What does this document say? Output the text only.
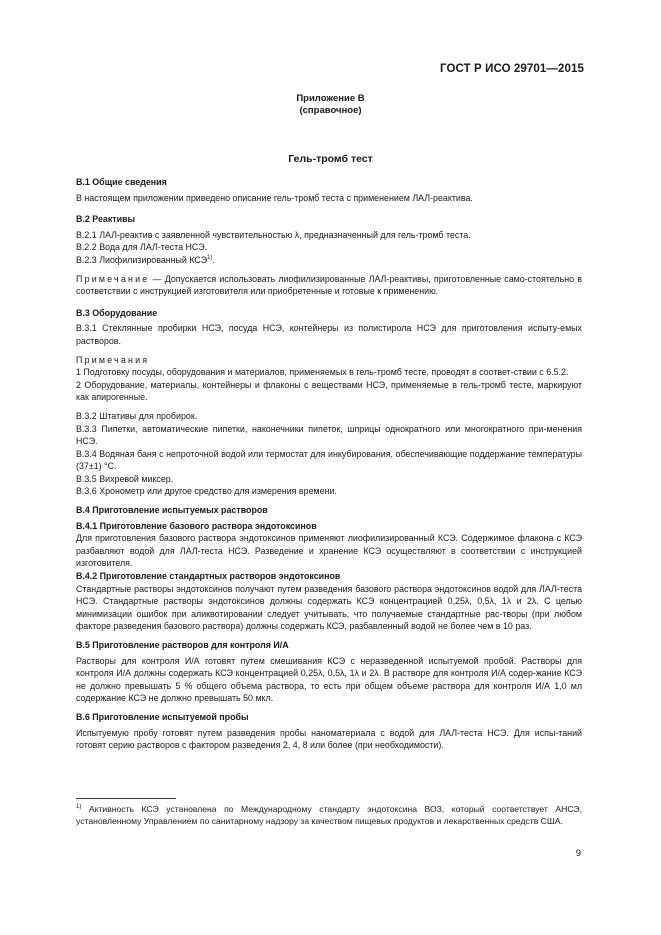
ГОСТ Р ИСО 29701—2015
Приложение В
(справочное)
Гель-тромб тест

В.1 Общие сведения

В настоящем приложении приведено описание гель-тромб теста с применением ЛАЛ-реактива.

В.2 Реактивы

В.2.1 ЛАЛ-реактив с заявленной чувствительностью λ, предназначенный для гель-тромб теста.

В.2.2 Вода для ЛАЛ-теста НСЭ.

В.2.3 Лиофилизированный КСЭ$^{1)}$.

Примечание — Допускается использовать лиофилизированные ЛАЛ-реактивы, приготовленные само-стоятельно в соответствии с инструкцией изготовителя или приобретенные и готовые к применению.

В.3 Оборудование

В.3.1 Стеклянные пробирки НСЭ, посуда НСЭ, контейнеры из полистирола НСЭ для приготовления испыту-емых растворов.

Примечания

1 Подготовку посуды, оборудования и материалов, применяемых в гель-тромб тесте, проводят в соответ-ствии с 6.5.2.

2 Оборудование, материалы, контейнеры и флаконы с веществами НСЭ, применяемые в гель-тромб тесте, маркируют как апирогенные.

В.3.2 Штативы для пробирок.

В.3.3 Пипетки, автоматические пипетки, наконечники пипеток, шприцы однократного или многократного при-менения НСЭ.

В.3.4 Водяная баня с непроточной водой или термостат для инкубирования, обеспечивающие поддержание температуры (37±1) °С.

В.3.5 Вихревой миксер.

В.3.6 Хронометр или другое средство для измерения времени.

В.4 Приготовление испытуемых растворов

В.4.1 Приготовление базового раствора эндотоксинов

Для приготовления базового раствора эндотоксинов применяют лиофилизированный КСЭ. Содержимое флакона с КСЭ разбавляют водой для ЛАЛ-теста НСЭ. Разведение и хранение КСЭ осуществляют в соответствии с инструкцией изготовителя.

В.4.2 Приготовление стандартных растворов эндотоксинов

Стандартные растворы эндотоксинов получают путем разведения базового раствора эндотоксинов водой для ЛАЛ-теста НСЭ. Стандартные растворы эндотоксинов должны содержать КСЭ концентрацией 0,25λ, 0,5λ, 1λ и 2λ. С целью минимизации ошибок при аликвотировании следует учитывать, что получаемые стандартные рас-творы (при любом факторе разведения базового раствора) должны содержать КСЭ, разбавленный водой не более чем в 10 раз.

В.5 Приготовление растворов для контроля И/А

Растворы для контроля И/А готовят путем смешивания КСЭ с неразведенной испытуемой пробой. Растворы для контроля И/А должны содержать КСЭ концентрацией 0,25λ, 0,5λ, 1λ и 2λ. В растворе для контроля И/А содер-жание КСЭ не должно превышать 5 % общего объема раствора, то есть при общем объеме раствора для контроля И/А 1,0 мл содержание КСЭ не должно превышать 50 мкл.

В.6 Приготовление испытуемой пробы

Испытуемую пробу готовят путем разведения пробы наноматериала с водой для ЛАЛ-теста НСЭ. Для испы-таний готовят серию растворов с фактором разведения 2, 4, 8 или более (при необходимости).

$^{1)}$ Активность КСЭ установлена по Международному стандарту эндотоксина ВОЗ, который соответствует АНСЭ, установленному Управлением по санитарному надзору за качеством пищевых продуктов и лекарственных средств США.
9
